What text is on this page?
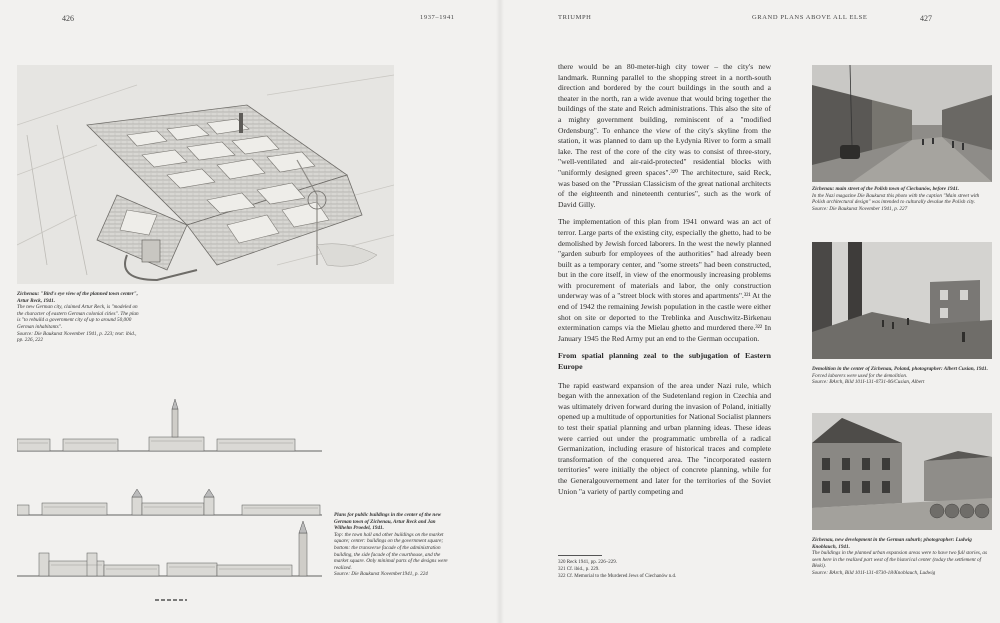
426	1937–1941
Zichenau: "Bird's eye view of the planned town center", Artur Reck, 1941.
The new German city, claimed Artur Reck, is "modeled on the character of eastern German colonial cities". The plan is "to rebuild a government city of up to around 50,000 German inhabitants".
Source: Die Baukunst November 1941, p. 223; text: ibid., pp. 226, 222
Plans for public buildings in the center of the new German town of Zichenau, Artur Reck and Jan Wilhelm Proedel, 1941.
Top: the town hall and other buildings on the market square; center: buildings on the government square; bottom: the transverse facade of the administration building, the side facade of the courthouse, and the market square. Only minimal parts of the designs were realized.
Source: Die Baukunst November1941, p. 224
TRIUMPH	GRAND PLANS ABOVE ALL ELSE	427

there would be an 80-meter-high city tower – the city's new landmark. Running parallel to the shopping street in a north-south direction and bordered by the court buildings in the south and a theater in the north, ran a wide avenue that would bring together the buildings of the state and Reich administrations. This also the site of a mighty government building, reminiscent of a "modified Ordensburg". To enhance the view of the city's skyline from the station, it was planned to dam up the Łydynia River to form a small lake. The rest of the core of the city was to consist of three-story, "well-ventilated and air-raid-protected" residential blocks with "uniformly designed green spaces".³²⁰ The architecture, said Reck, was based on the "Prussian Classicism of the great national architects of the eighteenth and nineteenth centuries", such as the work of David Gilly.

The implementation of this plan from 1941 onward was an act of terror. Large parts of the existing city, especially the ghetto, had to be demolished by Jewish forced laborers. In the west the newly planned "garden suburb for employees of the authorities" had already been built as a temporary center, and "some streets" had been constructed, but in the core itself, in view of the enormously increasing problems with procurement of materials and labor, the only construction underway was of a "street block with stores and apartments".³²¹ At the end of 1942 the remaining Jewish population in the castle were either shot on site or deported to the Treblinka and Auschwitz-Birkenau extermination camps via the Mielau ghetto and murdered there.³²² In January 1945 the Red Army put an end to the German occupation.

From spatial planning zeal to the subjugation of Eastern Europe

The rapid eastward expansion of the area under Nazi rule, which began with the annexation of the Sudetenland region in Czechia and was ultimately driven forward during the invasion of Poland, initially opened up a multitude of opportunities for National Socialist planners to test their spatial planning and urban planning ideas. These ideas were carried out under the programmatic umbrella of a radical Germanization, including erasure of historical traces and complete transformation of the conquered area. The "incorporated eastern territories" were initially the object of concrete planning, while for the Generalgouvernement and later for the territories of the Soviet Union "a variety of partly competing and

320 Reck 1941, pp. 226–229.
321 Cf. ibid., p. 229.
322 Cf. Memorial to the Murdered Jews of Ciechanów n.d.
Zichenau: main street of the Polish town of Ciechanów, before 1941.
In the Nazi magazine Die Baukunst this photo with the caption "Main street with Polish architectural design" was intended to culturally devalue the Polish city.
Source: Die Baukunst November 1941, p. 227
Demolition in the center of Zichenau, Poland, photographer: Albert Cusian, 1941.
Forced laborers were used for the demolition.
Source: BArch, Bild 101I-131-0731-06/Cusian, Albert
Zichenau, new development in the German suburb; photographer: Ludwig Knoblauch, 1941.
The buildings in the planned urban expansion areas were to have two full stories, as seen here in the realized part west of the historical center (today the settlement of Błoki).
Source: BArch, Bild 101I-131-0730-18/Knoblauch, Ludwig
